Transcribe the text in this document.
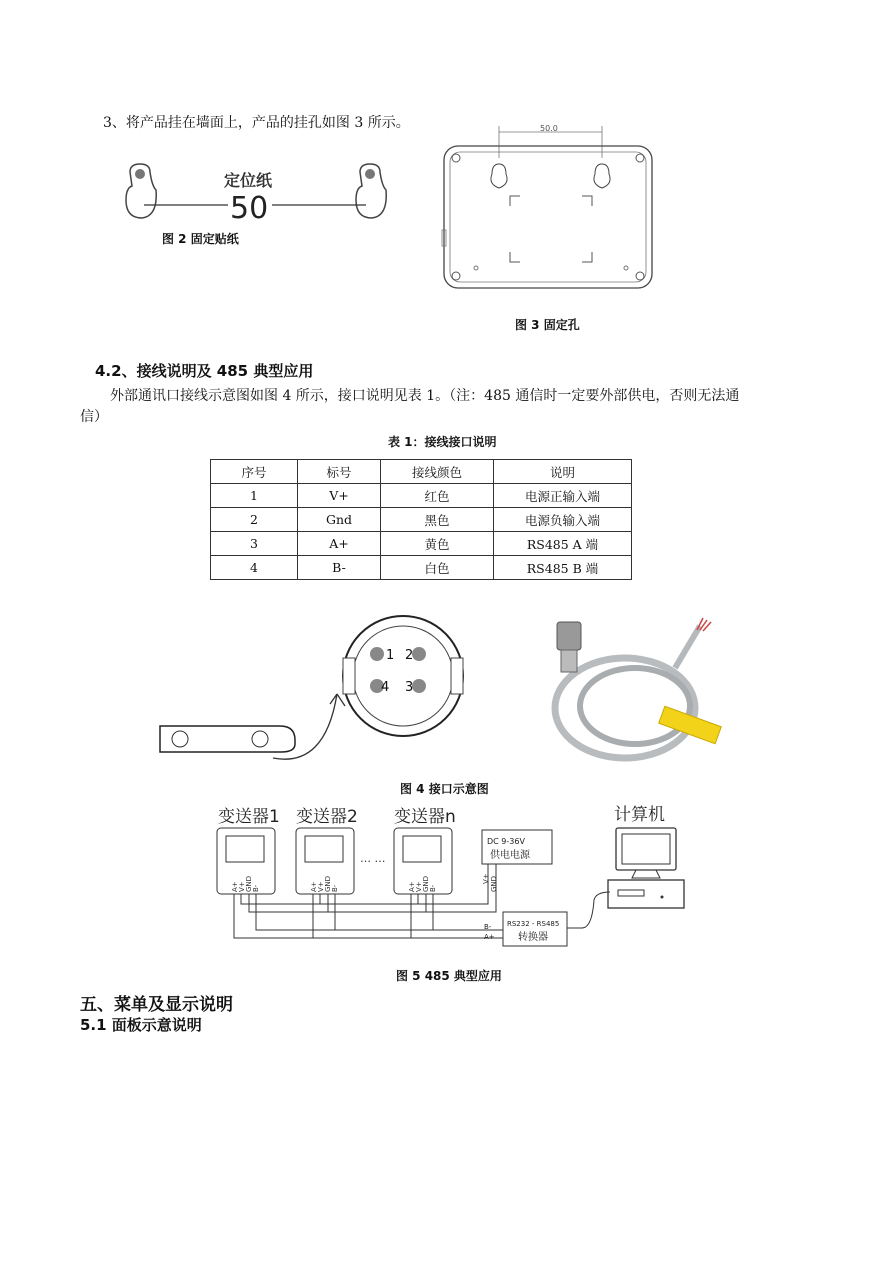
3、将产品挂在墙面上，产品的挂孔如图 3 所示。
定位纸
50
图 2 固定贴纸
50.0
图 3 固定孔
4.2、接线说明及 485 典型应用
外部通讯口接线示意图如图 4 所示，接口说明见表 1。（注：485 通信时一定要外部供电，否则无法通
信）
表 1：接线接口说明
序号	标号	接线颜色	说明
1	V+	红色	电源正输入端
2	Gnd	黑色	电源负输入端
3	A+	黄色	RS485 A 端
4	B-	白色	RS485 B 端
1 2
4 3
图 4 接口示意图
变送器1 变送器2 变送器n	计算机
… …
A+ V+ GND B-	A+ V+ GND B-	A+ V+ GND B-
V+ GND
DC 9-36V
供电电源
RS232 - RS485
转换器
B-
A+
图 5 485 典型应用
五、菜单及显示说明
5.1 面板示意说明
